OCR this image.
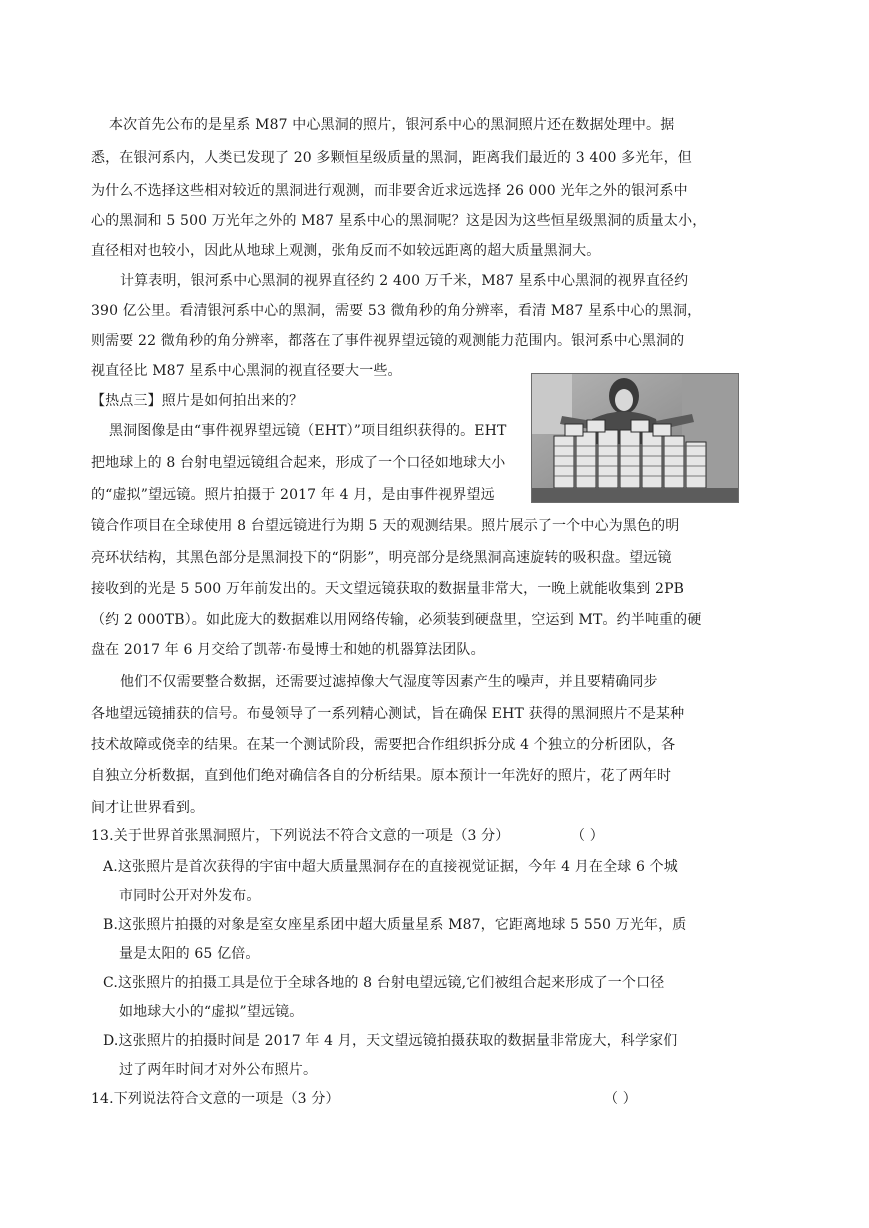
本次首先公布的是星系 M87 中心黑洞的照片，银河系中心的黑洞照片还在数据处理中。据
悉，在银河系内，人类已发现了 20 多颗恒星级质量的黑洞，距离我们最近的 3 400 多光年，但
为什么不选择这些相对较近的黑洞进行观测，而非要舍近求远选择 26 000 光年之外的银河系中
心的黑洞和 5 500 万光年之外的 M87 星系中心的黑洞呢？这是因为这些恒星级黑洞的质量太小，
直径相对也较小，因此从地球上观测，张角反而不如较远距离的超大质量黑洞大。
计算表明，银河系中心黑洞的视界直径约 2 400 万千米，M87 星系中心黑洞的视界直径约
390 亿公里。看清银河系中心的黑洞，需要 53 微角秒的角分辨率，看清 M87 星系中心的黑洞，
则需要 22 微角秒的角分辨率，都落在了事件视界望远镜的观测能力范围内。银河系中心黑洞的
视直径比 M87 星系中心黑洞的视直径要大一些。
【热点三】照片是如何拍出来的？
黑洞图像是由“事件视界望远镜（EHT）”项目组织获得的。EHT
把地球上的 8 台射电望远镜组合起来，形成了一个口径如地球大小
的“虚拟”望远镜。照片拍摄于 2017 年 4 月，是由事件视界望远
镜合作项目在全球使用 8 台望远镜进行为期 5 天的观测结果。照片展示了一个中心为黑色的明
亮环状结构，其黑色部分是黑洞投下的“阴影”，明亮部分是绕黑洞高速旋转的吸积盘。望远镜
接收到的光是 5 500 万年前发出的。天文望远镜获取的数据量非常大，一晚上就能收集到 2PB
（约 2 000TB）。如此庞大的数据难以用网络传输，必须装到硬盘里，空运到 MT。约半吨重的硬
盘在 2017 年 6 月交给了凯蒂·布曼博士和她的机器算法团队。
他们不仅需要整合数据，还需要过滤掉像大气湿度等因素产生的噪声，并且要精确同步
各地望远镜捕获的信号。布曼领导了一系列精心测试，旨在确保 EHT 获得的黑洞照片不是某种
技术故障或侥幸的结果。在某一个测试阶段，需要把合作组织拆分成 4 个独立的分析团队，各
自独立分析数据，直到他们绝对确信各自的分析结果。原本预计一年洗好的照片，花了两年时
间才让世界看到。
13.关于世界首张黑洞照片，下列说法不符合文意的一项是（3 分）	（ ）
A.这张照片是首次获得的宇宙中超大质量黑洞存在的直接视觉证据，今年 4 月在全球 6 个城
市同时公开对外发布。
B.这张照片拍摄的对象是室女座星系团中超大质量星系 M87，它距离地球 5 550 万光年，质
量是太阳的 65 亿倍。
C.这张照片的拍摄工具是位于全球各地的 8 台射电望远镜,它们被组合起来形成了一个口径
如地球大小的“虚拟”望远镜。
D.这张照片的拍摄时间是 2017 年 4 月，天文望远镜拍摄获取的数据量非常庞大，科学家们
过了两年时间才对外公布照片。
14.下列说法符合文意的一项是（3 分）	（ ）
